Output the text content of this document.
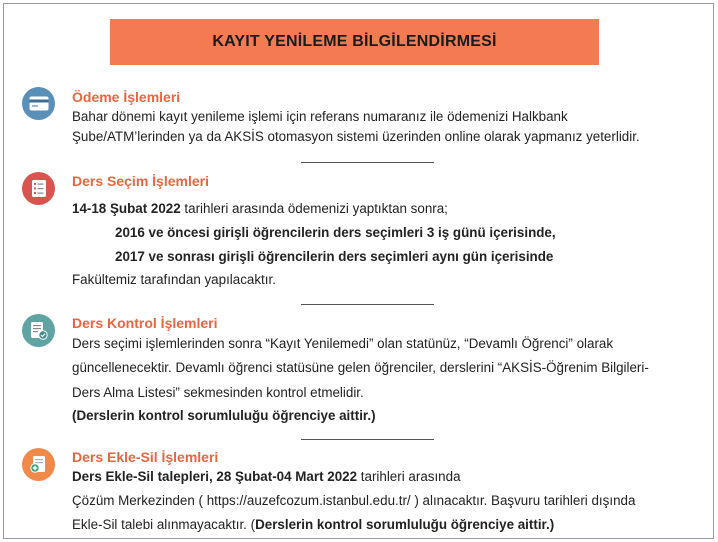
KAYIT YENİLEME BİLGİLENDİRMESİ
Ödeme İşlemleri
Bahar dönemi kayıt yenileme işlemi için referans numaranız ile ödemenizi Halkbank
Şube/ATM’lerinden ya da AKSİS otomasyon sistemi üzerinden online olarak yapmanız yeterlidir.
Ders Seçim İşlemleri
14-18 Şubat 2022 tarihleri arasında ödemenizi yaptıktan sonra;
2016 ve öncesi girişli öğrencilerin ders seçimleri 3 iş günü içerisinde,
2017 ve sonrası girişli öğrencilerin ders seçimleri aynı gün içerisinde
Fakültemiz tarafından yapılacaktır.
Ders Kontrol İşlemleri
Ders seçimi işlemlerinden sonra “Kayıt Yenilemedi” olan statünüz, “Devamlı Öğrenci” olarak
güncellenecektir. Devamlı öğrenci statüsüne gelen öğrenciler, derslerini “AKSİS-Öğrenim Bilgileri-
Ders Alma Listesi” sekmesinden kontrol etmelidir.
(Derslerin kontrol sorumluluğu öğrenciye aittir.)
Ders Ekle-Sil İşlemleri
Ders Ekle-Sil talepleri, 28 Şubat-04 Mart 2022 tarihleri arasında
Çözüm Merkezinden ( https://auzefcozum.istanbul.edu.tr/ ) alınacaktır. Başvuru tarihleri dışında
Ekle-Sil talebi alınmayacaktır. (Derslerin kontrol sorumluluğu öğrenciye aittir.)
